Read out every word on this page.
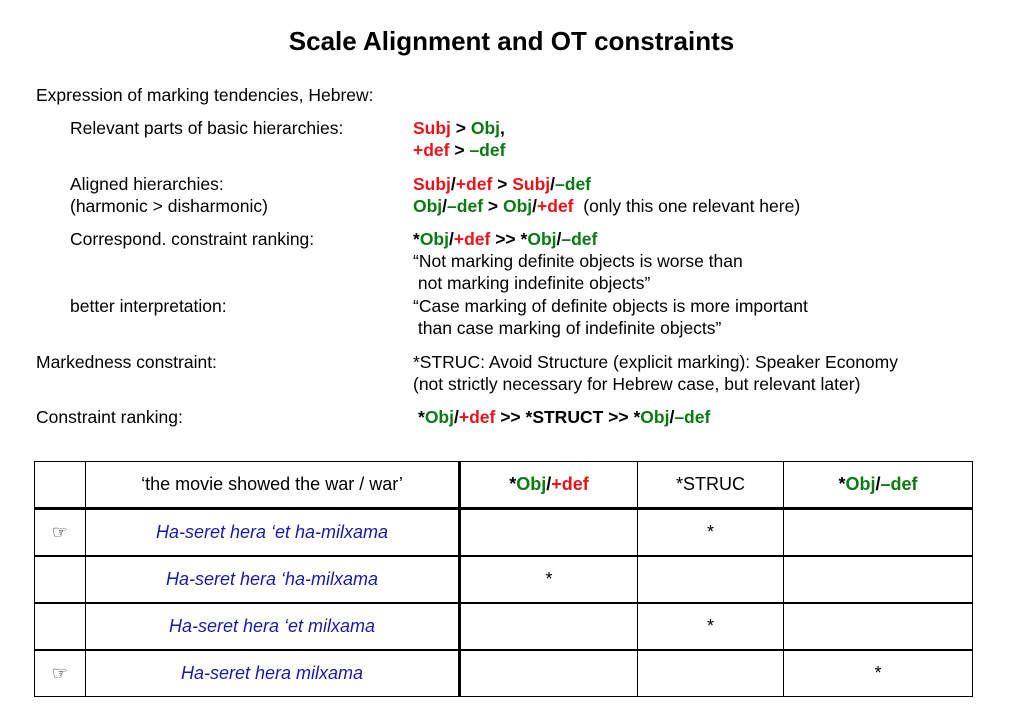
Scale Alignment and OT constraints
Expression of marking tendencies, Hebrew:
Relevant parts of basic hierarchies:	Subj > Obj,
+def > –def
Aligned hierarchies:
(harmonic > disharmonic)
Subj/+def > Subj/–def
Obj/–def > Obj/+def  (only this one relevant here)
Correspond. constraint ranking:	*Obj/+def >> *Obj/–def
“Not marking definite objects is worse than
not marking indefinite objects”
better interpretation:	“Case marking of definite objects is more important
than case marking of indefinite objects”
Markedness constraint:	*STRUC: Avoid Structure (explicit marking): Speaker Economy
(not strictly necessary for Hebrew case, but relevant later)
Constraint ranking:	*Obj/+def >> *STRUCT >> *Obj/–def
	‘the movie showed the war / war’	*Obj/+def	*STRUC	*Obj/–def
☞	Ha-seret hera ‘et ha-milxama		*	
	Ha-seret hera ‘ha-milxama	*		
	Ha-seret hera ‘et milxama		*	
☞	Ha-seret hera milxama			*
